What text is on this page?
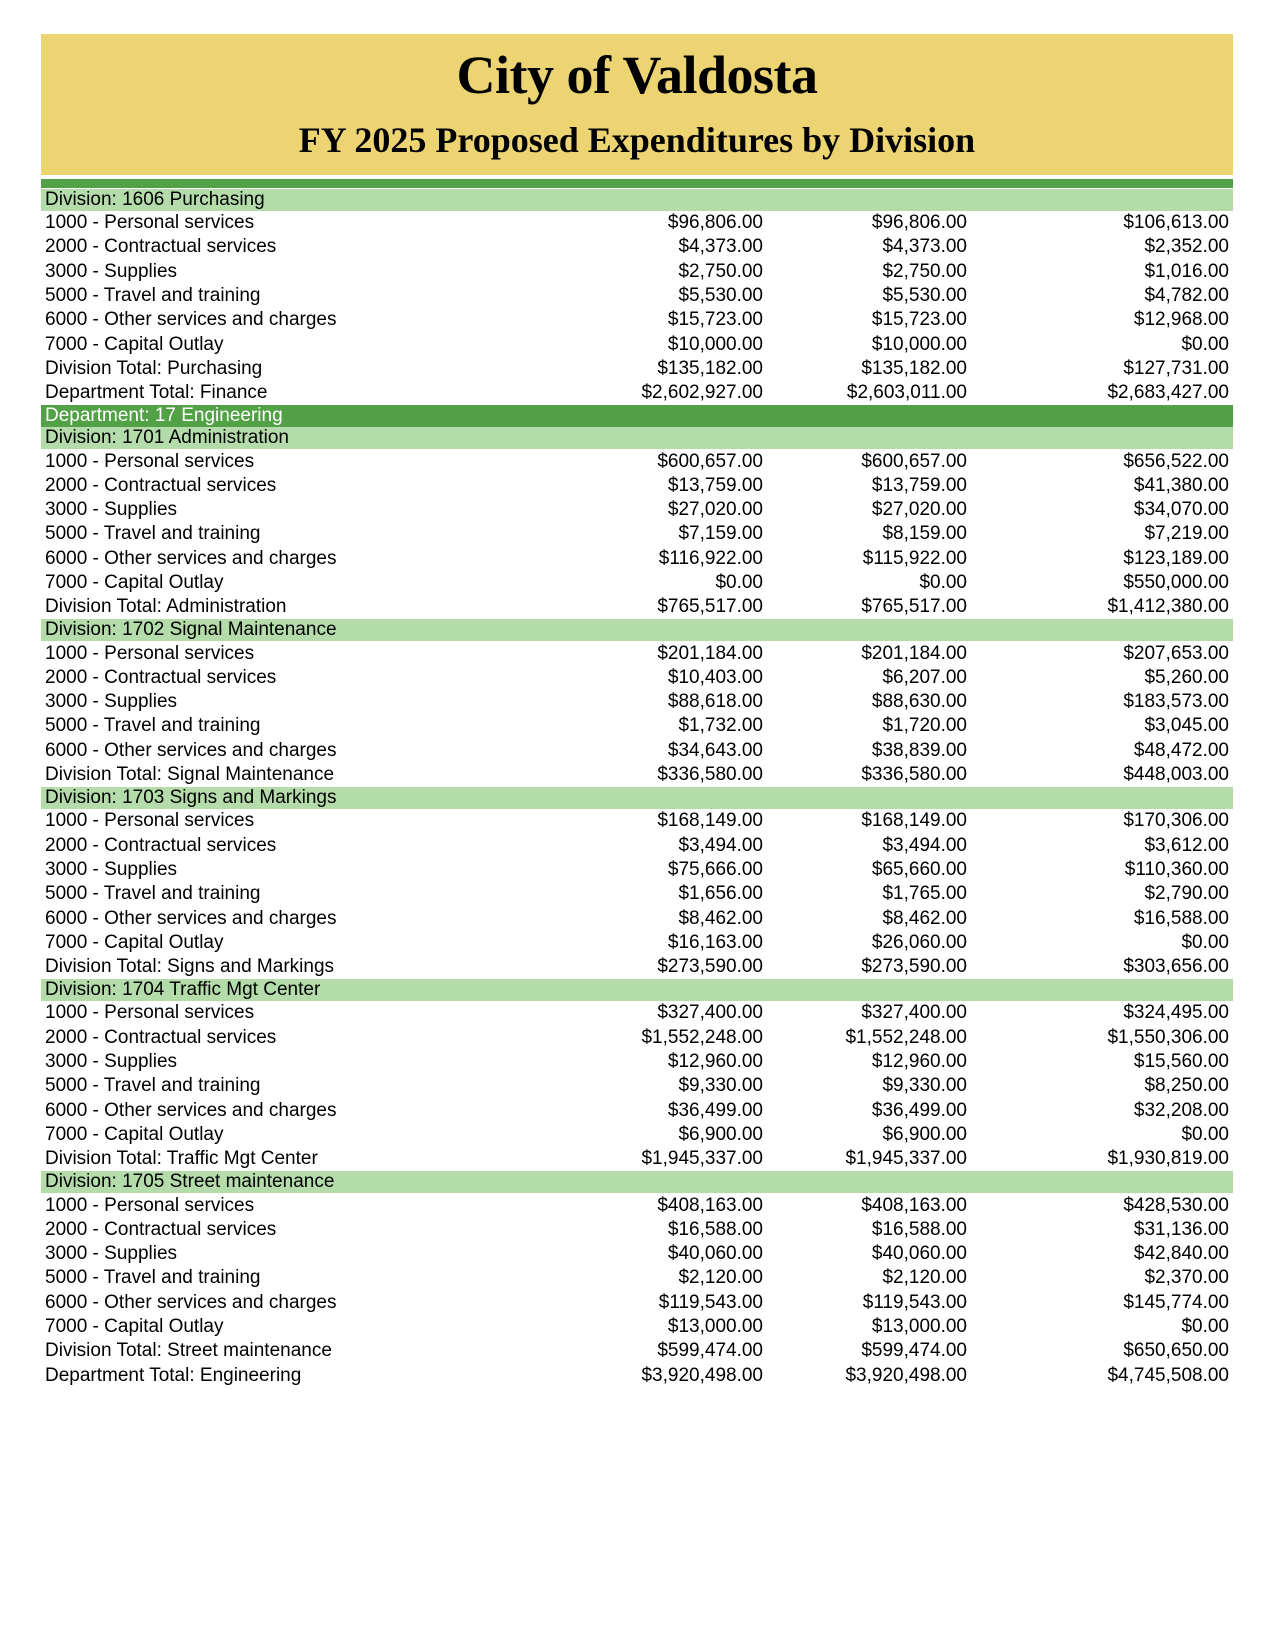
City of Valdosta
FY 2025 Proposed Expenditures by Division
Division: 1606 Purchasing			
1000 - Personal services	$96,806.00	$96,806.00	$106,613.00
2000 - Contractual services	$4,373.00	$4,373.00	$2,352.00
3000 - Supplies	$2,750.00	$2,750.00	$1,016.00
5000 - Travel and training	$5,530.00	$5,530.00	$4,782.00
6000 - Other services and charges	$15,723.00	$15,723.00	$12,968.00
7000 - Capital Outlay	$10,000.00	$10,000.00	$0.00
Division Total: Purchasing	$135,182.00	$135,182.00	$127,731.00
Department Total: Finance	$2,602,927.00	$2,603,011.00	$2,683,427.00
Department: 17 Engineering			
Division: 1701 Administration			
1000 - Personal services	$600,657.00	$600,657.00	$656,522.00
2000 - Contractual services	$13,759.00	$13,759.00	$41,380.00
3000 - Supplies	$27,020.00	$27,020.00	$34,070.00
5000 - Travel and training	$7,159.00	$8,159.00	$7,219.00
6000 - Other services and charges	$116,922.00	$115,922.00	$123,189.00
7000 - Capital Outlay	$0.00	$0.00	$550,000.00
Division Total: Administration	$765,517.00	$765,517.00	$1,412,380.00
Division: 1702 Signal Maintenance			
1000 - Personal services	$201,184.00	$201,184.00	$207,653.00
2000 - Contractual services	$10,403.00	$6,207.00	$5,260.00
3000 - Supplies	$88,618.00	$88,630.00	$183,573.00
5000 - Travel and training	$1,732.00	$1,720.00	$3,045.00
6000 - Other services and charges	$34,643.00	$38,839.00	$48,472.00
Division Total: Signal Maintenance	$336,580.00	$336,580.00	$448,003.00
Division: 1703 Signs and Markings			
1000 - Personal services	$168,149.00	$168,149.00	$170,306.00
2000 - Contractual services	$3,494.00	$3,494.00	$3,612.00
3000 - Supplies	$75,666.00	$65,660.00	$110,360.00
5000 - Travel and training	$1,656.00	$1,765.00	$2,790.00
6000 - Other services and charges	$8,462.00	$8,462.00	$16,588.00
7000 - Capital Outlay	$16,163.00	$26,060.00	$0.00
Division Total: Signs and Markings	$273,590.00	$273,590.00	$303,656.00
Division: 1704 Traffic Mgt Center			
1000 - Personal services	$327,400.00	$327,400.00	$324,495.00
2000 - Contractual services	$1,552,248.00	$1,552,248.00	$1,550,306.00
3000 - Supplies	$12,960.00	$12,960.00	$15,560.00
5000 - Travel and training	$9,330.00	$9,330.00	$8,250.00
6000 - Other services and charges	$36,499.00	$36,499.00	$32,208.00
7000 - Capital Outlay	$6,900.00	$6,900.00	$0.00
Division Total: Traffic Mgt Center	$1,945,337.00	$1,945,337.00	$1,930,819.00
Division: 1705 Street maintenance			
1000 - Personal services	$408,163.00	$408,163.00	$428,530.00
2000 - Contractual services	$16,588.00	$16,588.00	$31,136.00
3000 - Supplies	$40,060.00	$40,060.00	$42,840.00
5000 - Travel and training	$2,120.00	$2,120.00	$2,370.00
6000 - Other services and charges	$119,543.00	$119,543.00	$145,774.00
7000 - Capital Outlay	$13,000.00	$13,000.00	$0.00
Division Total: Street maintenance	$599,474.00	$599,474.00	$650,650.00
Department Total: Engineering	$3,920,498.00	$3,920,498.00	$4,745,508.00
